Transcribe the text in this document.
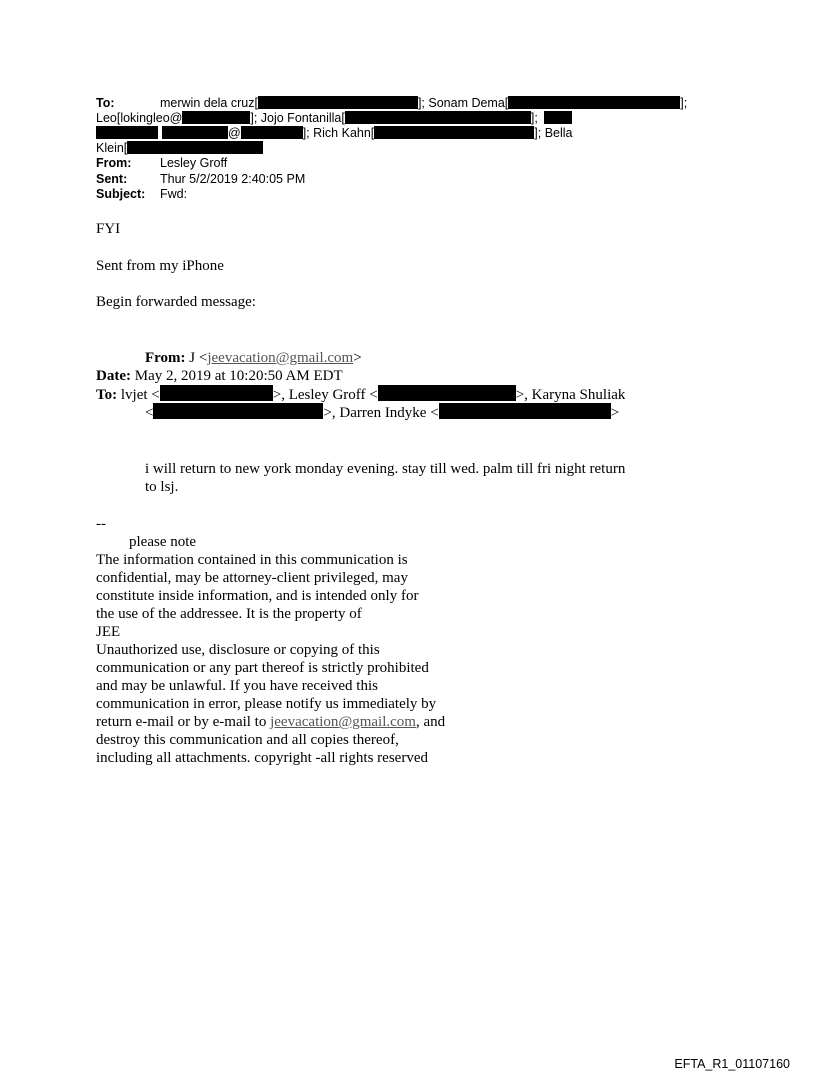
To:	merwin dela cruz[	]; Sonam Dema[	];
Leo[lokingleo@	]; Jojo Fontanilla[	];
@	]; Rich Kahn[	]; Bella
Klein[
From: Lesley Groff
Sent:	Thur 5/2/2019 2:40:05 PM
Subject: Fwd:
FYI
Sent from my iPhone
Begin forwarded message:
From: J <jeevacation@gmail.com>
Date: May 2, 2019 at 10:20:50 AM EDT
To: lvjet <	>, Lesley Groff <	>, Karyna Shuliak
<	>, Darren Indyke <	>
i will return to new york monday evening. stay till wed. palm till fri night return
to lsj.
--
please note
The information contained in this communication is
confidential, may be attorney-client privileged, may
constitute inside information, and is intended only for
the use of the addressee. It is the property of
JEE
Unauthorized use, disclosure or copying of this
communication or any part thereof is strictly prohibited
and may be unlawful. If you have received this
communication in error, please notify us immediately by
return e-mail or by e-mail to jeevacation@gmail.com, and
destroy this communication and all copies thereof,
including all attachments. copyright -all rights reserved
EFTA_R1_01107160
